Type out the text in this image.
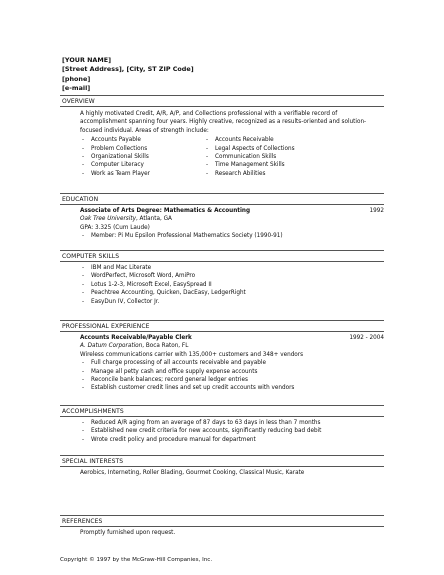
[YOUR NAME]
[Street Address], [City, ST ZIP Code]
[phone]
[e-mail]
OVERVIEW

A highly motivated Credit, A/R, A/P, and Collections professional with a verifiable record of accomplishment spanning four years. Highly creative, recognized as a results-oriented and solution-focused individual. Areas of strength include:

- Accounts Payable
- Problem Collections
- Organizational Skills
- Computer Literacy
- Work as Team Player
- Accounts Receivable
- Legal Aspects of Collections
- Communication Skills
- Time Management Skills
- Research Abilities
EDUCATION
Associate of Arts Degree: Mathematics & Accounting	1992
Oak Tree University, Atlanta, GA
GPA: 3.325 (Cum Laude)
- Member: Pi Mu Epsilon Professional Mathematics Society (1990-91)
COMPUTER SKILLS
- IBM and Mac Literate
- WordPerfect, Microsoft Word, AmiPro
- Lotus 1-2-3, Microsoft Excel, EasySpread II
- Peachtree Accounting, Quicken, DacEasy, LedgerRight
- EasyDun IV, Collector Jr.
PROFESSIONAL EXPERIENCE
Accounts Receivable/Payable Clerk	1992 - 2004
A. Datum Corporation, Boca Raton, FL
Wireless communications carrier with 135,000+ customers and 348+ vendors
- Full charge processing of all accounts receivable and payable
- Manage all petty cash and office supply expense accounts
- Reconcile bank balances; record general ledger entries
- Establish customer credit lines and set up credit accounts with vendors
ACCOMPLISHMENTS
- Reduced A/R aging from an average of 87 days to 63 days in less than 7 months
- Established new credit criteria for new accounts, significantly reducing bad debit
- Wrote credit policy and procedure manual for department
SPECIAL INTERESTS

Aerobics, Interneting, Roller Blading, Gourmet Cooking, Classical Music, Karate

REFERENCES

Promptly furnished upon request.

Copyright © 1997 by the McGraw-Hill Companies, Inc.
